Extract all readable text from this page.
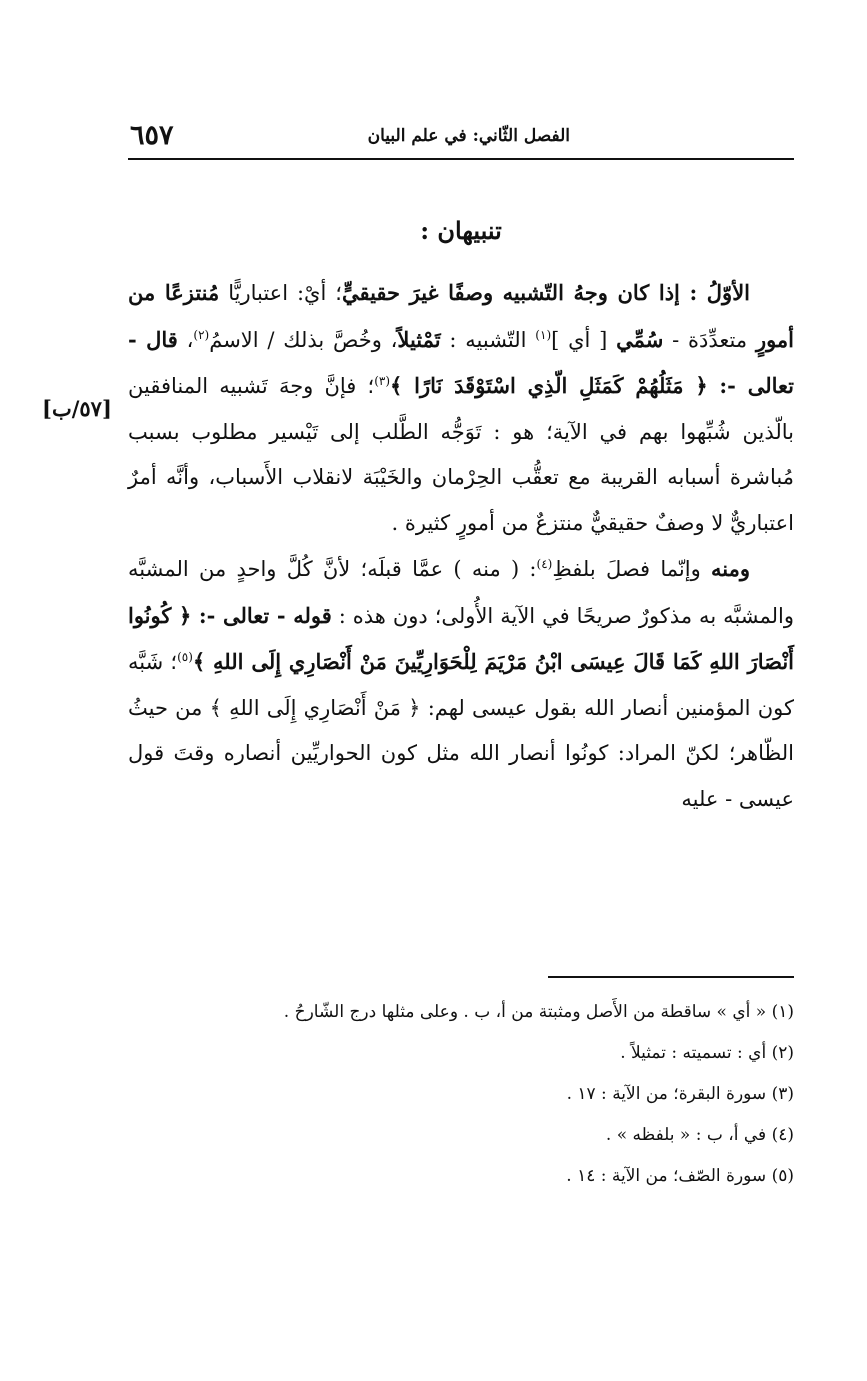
الفصل الثّاني: في علم البيان
٦٥٧
تنبيهان :
[٥٧/ب]

الأوّلُ : إذا كان وجهُ التّشبيه وصفًا غيرَ حقيقيٍّ؛ أيْ: اعتباريًّا مُنتزعًا من أمورٍ متعدِّدَة - سُمِّي [ أي ]$^{(١)}$ التّشبيه : تَمْثيلاً، وخُصَّ بذلك / الاسمُ$^{(٢)}$، قال - تعالى -: ﴿ مَثَلُهُمْ كَمَثَلِ الّذِي اسْتَوْقَدَ نَارًا ﴾$^{(٣)}$؛ فإنَّ وجهَ تَشبيه المنافقين بالّذين شُبِّهوا بهم في الآية؛ هو : تَوَجُّه الطَّلب إلى تَيْسير مطلوب بسبب مُباشرة أسبابه القريبة مع تعقُّب الحِرْمان والخَيْبَة لانقلاب الأَسباب، وأنَّه أمرٌ اعتباريٌّ لا وصفٌ حقيقيٌّ منتزعٌ من أمورٍ كثيرة .

ومنه وإنّما فصلَ بلفظِ$^{(٤)}$: ( منه ) عمَّا قبلَه؛ لأنَّ كُلَّ واحدٍ من المشبَّه والمشبَّه به مذكورٌ صريحًا في الآية الأُولى؛ دون هذه : قوله - تعالى -: ﴿ كُونُوا أَنْصَارَ اللهِ كَمَا قَالَ عِيسَى ابْنُ مَرْيَمَ لِلْحَوَارِيِّينَ مَنْ أَنْصَارِي إِلَى اللهِ ﴾$^{(٥)}$؛ شَبَّه كون المؤمنين أنصار الله بقول عيسى لهم: ﴿ مَنْ أَنْصَارِي إِلَى اللهِ ﴾ من حيثُ الظّاهر؛ لكنّ المراد: كونُوا أنصار الله مثل كون الحواريِّين أنصاره وقتَ قول عيسى - عليه

(١) « أي » ساقطة من الأَصل ومثبتة من أ، ب . وعلى مثلها درج الشّارحُ .
(٢) أي : تسميته : تمثيلاً .
(٣) سورة البقرة؛ من الآية : ١٧ .
(٤) في أ، ب : « بلفظه » .
(٥) سورة الصّف؛ من الآية : ١٤ .
